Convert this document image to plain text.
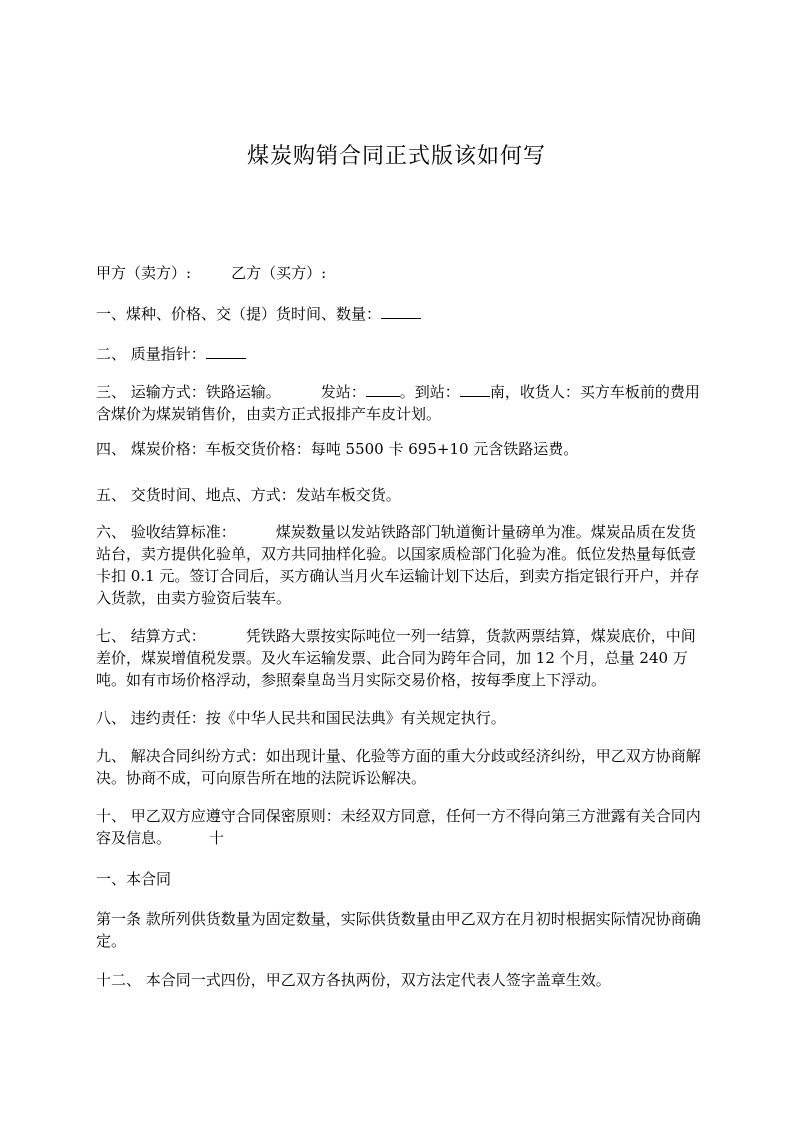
煤炭购销合同正式版该如何写

甲方（卖方）:	乙方（买方）:

一、煤种、价格、交（提）货时间、数量：

二、 质量指针：

三、 运输方式：铁路运输。	发站： 。到站： 南，收货人：买方车板前的费用含煤价为煤炭销售价，由卖方正式报排产车皮计划。

四、 煤炭价格：车板交货价格：每吨 5500 卡 695+10 元含铁路运费。

五、 交货时间、地点、方式：发站车板交货。

六、 验收结算标准：	煤炭数量以发站铁路部门轨道衡计量磅单为准。煤炭品质在发货站台，卖方提供化验单，双方共同抽样化验。以国家质检部门化验为准。低位发热量每低壹卡扣 0.1 元。签订合同后，买方确认当月火车运输计划下达后，到卖方指定银行开户，并存入货款，由卖方验资后装车。

七、 结算方式：	凭铁路大票按实际吨位一列一结算，货款两票结算，煤炭底价，中间差价，煤炭增值税发票。及火车运输发票、此合同为跨年合同，加 12 个月，总量 240 万吨。如有市场价格浮动，参照秦皇岛当月实际交易价格，按每季度上下浮动。

八、 违约责任：按《中华人民共和国民法典》有关规定执行。

九、 解决合同纠纷方式：如出现计量、化验等方面的重大分歧或经济纠纷，甲乙双方协商解决。协商不成，可向原告所在地的法院诉讼解决。

十、 甲乙双方应遵守合同保密原则：未经双方同意，任何一方不得向第三方泄露有关合同内容及信息。	十

一、本合同

第一条 款所列供货数量为固定数量，实际供货数量由甲乙双方在月初时根据实际情况协商确定。

十二、 本合同一式四份，甲乙双方各执两份，双方法定代表人签字盖章生效。
